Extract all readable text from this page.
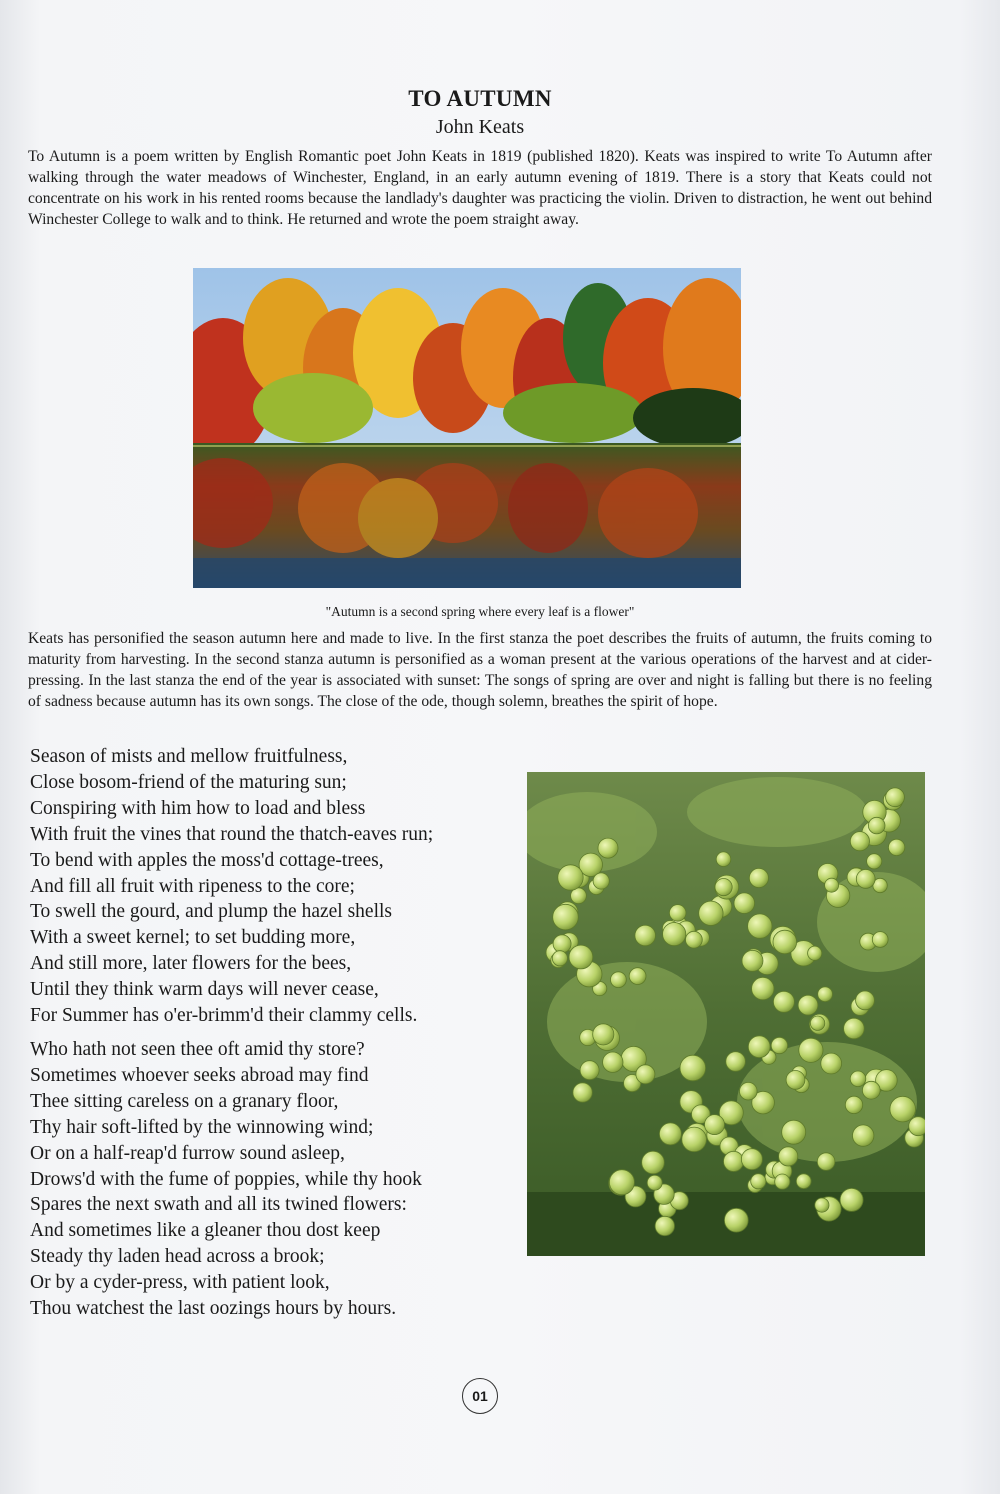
TO AUTUMN
John Keats

To Autumn is a poem written by English Romantic poet John Keats in 1819 (published 1820). Keats was inspired to write To Autumn after walking through the water meadows of Winchester, England, in an early autumn evening of 1819. There is a story that Keats could not concentrate on his work in his rented rooms because the landlady's daughter was practicing the violin. Driven to distraction, he went out behind Winchester College to walk and to think. He returned and wrote the poem straight away.

"Autumn is a second spring where every leaf is a flower"

Keats has personified the season autumn here and made to live. In the first stanza the poet describes the fruits of autumn, the fruits coming to maturity from harvesting. In the second stanza autumn is personified as a woman present at the various operations of the harvest and at cider-pressing. In the last stanza the end of the year is associated with sunset: The songs of spring are over and night is falling but there is no feeling of sadness because autumn has its own songs. The close of the ode, though solemn, breathes the spirit of hope.

Season of mists and mellow fruitfulness,
Close bosom-friend of the maturing sun;
Conspiring with him how to load and bless
With fruit the vines that round the thatch-eaves run;
To bend with apples the moss'd cottage-trees,
And fill all fruit with ripeness to the core;
To swell the gourd, and plump the hazel shells
With a sweet kernel; to set budding more,
And still more, later flowers for the bees,
Until they think warm days will never cease,
For Summer has o'er-brimm'd their clammy cells.
Who hath not seen thee oft amid thy store?
Sometimes whoever seeks abroad may find
Thee sitting careless on a granary floor,
Thy hair soft-lifted by the winnowing wind;
Or on a half-reap'd furrow sound asleep,
Drows'd with the fume of poppies, while thy hook
Spares the next swath and all its twined flowers:
And sometimes like a gleaner thou dost keep
Steady thy laden head across a brook;
Or by a cyder-press, with patient look,
Thou watchest the last oozings hours by hours.
01
